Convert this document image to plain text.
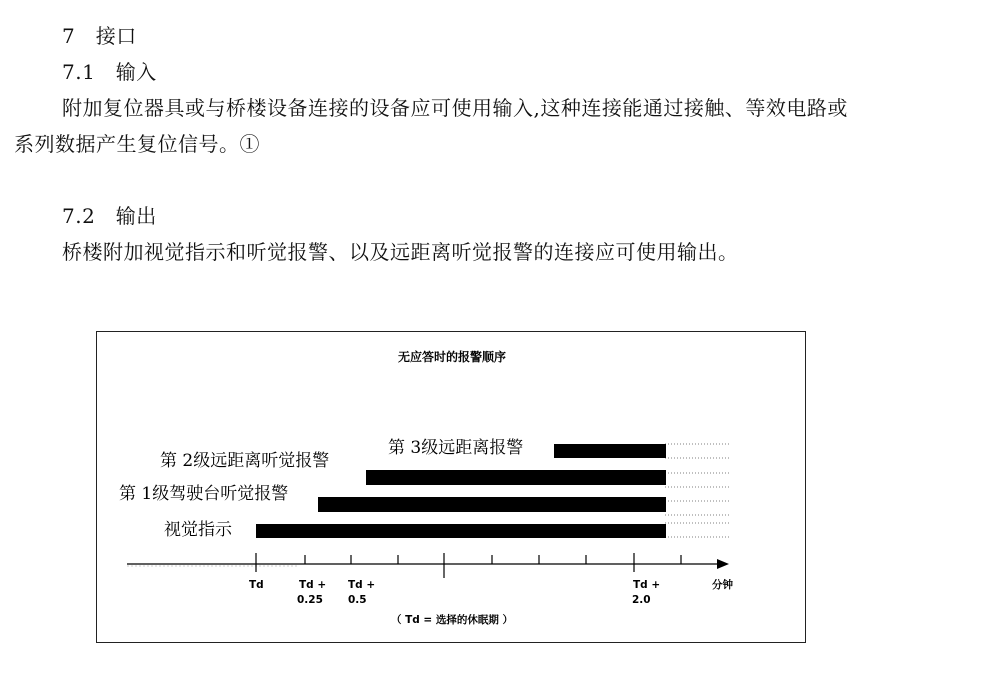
7　接口
7.1　输入
附加复位器具或与桥楼设备连接的设备应可使用输入,这种连接能通过接触、等效电路或
系列数据产生复位信号。①
7.2　输出
桥楼附加视觉指示和听觉报警、以及远距离听觉报警的连接应可使用输出。
无应答时的报警顺序
第 3级远距离报警
第 2级远距离听觉报警
第 1级驾驶台听觉报警
视觉指示
Td	Td +
0.25
Td +
0.5
Td +
2.0
分钟
（ Td = 选择的休眠期 ）
